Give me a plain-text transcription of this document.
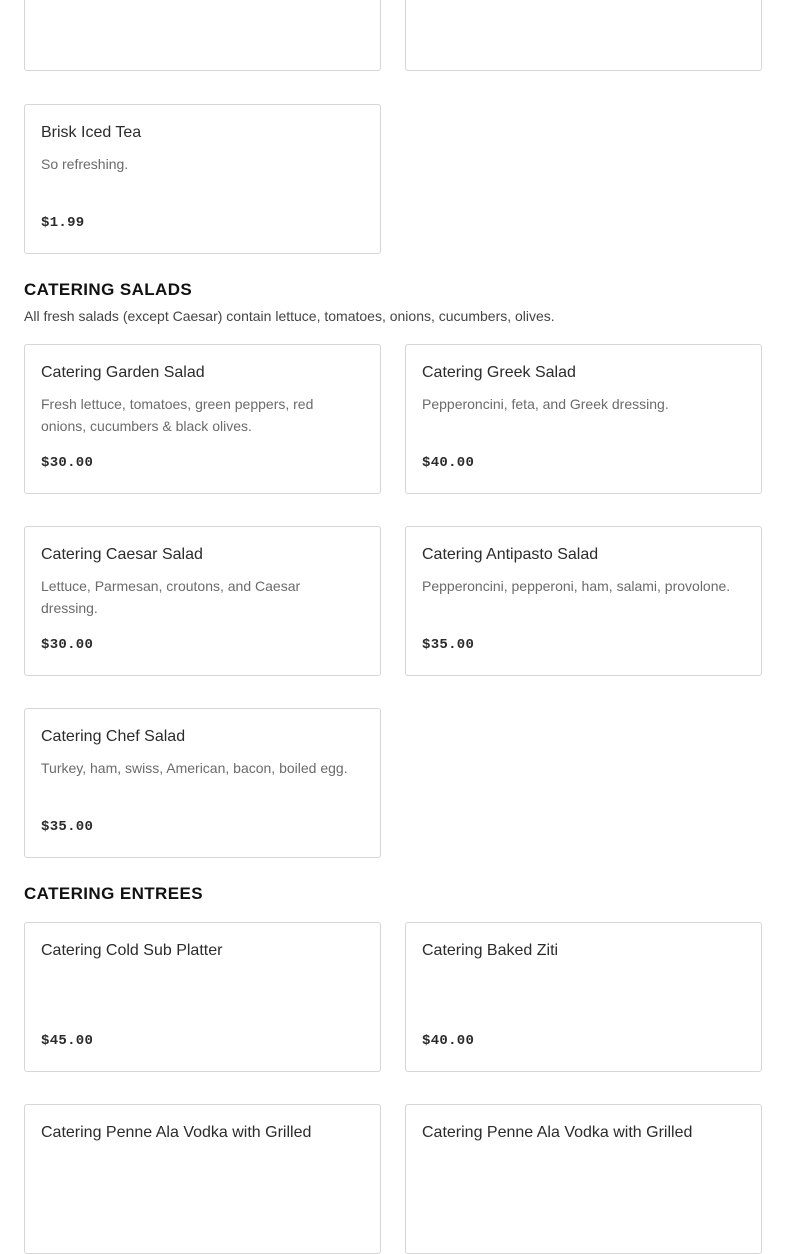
Brisk Iced Tea
So refreshing.
$1.99
CATERING SALADS
All fresh salads (except Caesar) contain lettuce, tomatoes, onions, cucumbers, olives.
Catering Garden Salad
Fresh lettuce, tomatoes, green peppers, red onions, cucumbers & black olives.
$30.00
Catering Greek Salad
Pepperoncini, feta, and Greek dressing.
$40.00
Catering Caesar Salad
Lettuce, Parmesan, croutons, and Caesar dressing.
$30.00
Catering Antipasto Salad
Pepperoncini, pepperoni, ham, salami, provolone.
$35.00
Catering Chef Salad
Turkey, ham, swiss, American, bacon, boiled egg.
$35.00
CATERING ENTREES
Catering Cold Sub Platter
$45.00
Catering Baked Ziti
$40.00
Catering Penne Ala Vodka with Grilled	Catering Penne Ala Vodka with Grilled
